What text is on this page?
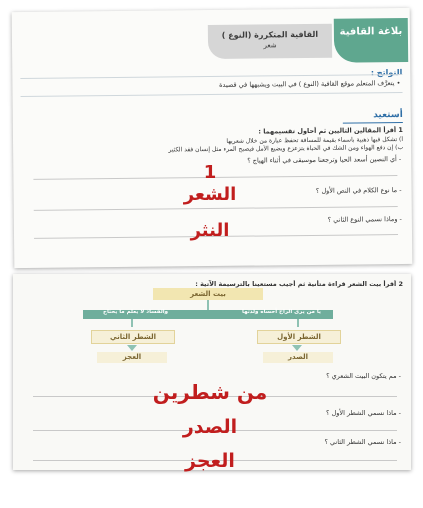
بلاغة القافية
القافية المتكررة (النوع )
شعر
النواتج :
• يتعرَّف المتعلم موقع القافية (النوع ) في البيت ويشبهها في قصيدة
أستعيد
1 أقرأ المقالين التاليين ثم أحاول تقسيمهما :
أ) تشكل فيها ذهبية بأسماء بقيمة للمسافة تحفظ عبارة من خلال شعريها
ب) إن دفع الهواء ومن الشك في الحياة يتزعزع ويضيع الأمل فيصبح المرء مثل إنسان فقد الكثير
- أي النصين أسعد الحيا وترجعنا موسيقى في أثناء الهياج ؟
- ما نوع الكلام في النص الأول ؟
- وماذا نسمي النوع الثاني ؟
1
الشعر
النثر
2 أقرأ بيت الشعر قراءة متأنية ثم أجيب مستعينا بالترسيمة الآتية :
بيت الشعر
يا من يرى الراح أحساه ولذتها
والفساد لا يعلم ما يحتاج
الشطر الأول
الشطر الثاني
الصدر
العجز
- مم يتكون البيت الشعري ؟
- ماذا نسمي الشطر الأول ؟
- ماذا نسمي الشطر الثاني ؟
من شطرين
الصدر
العجز
